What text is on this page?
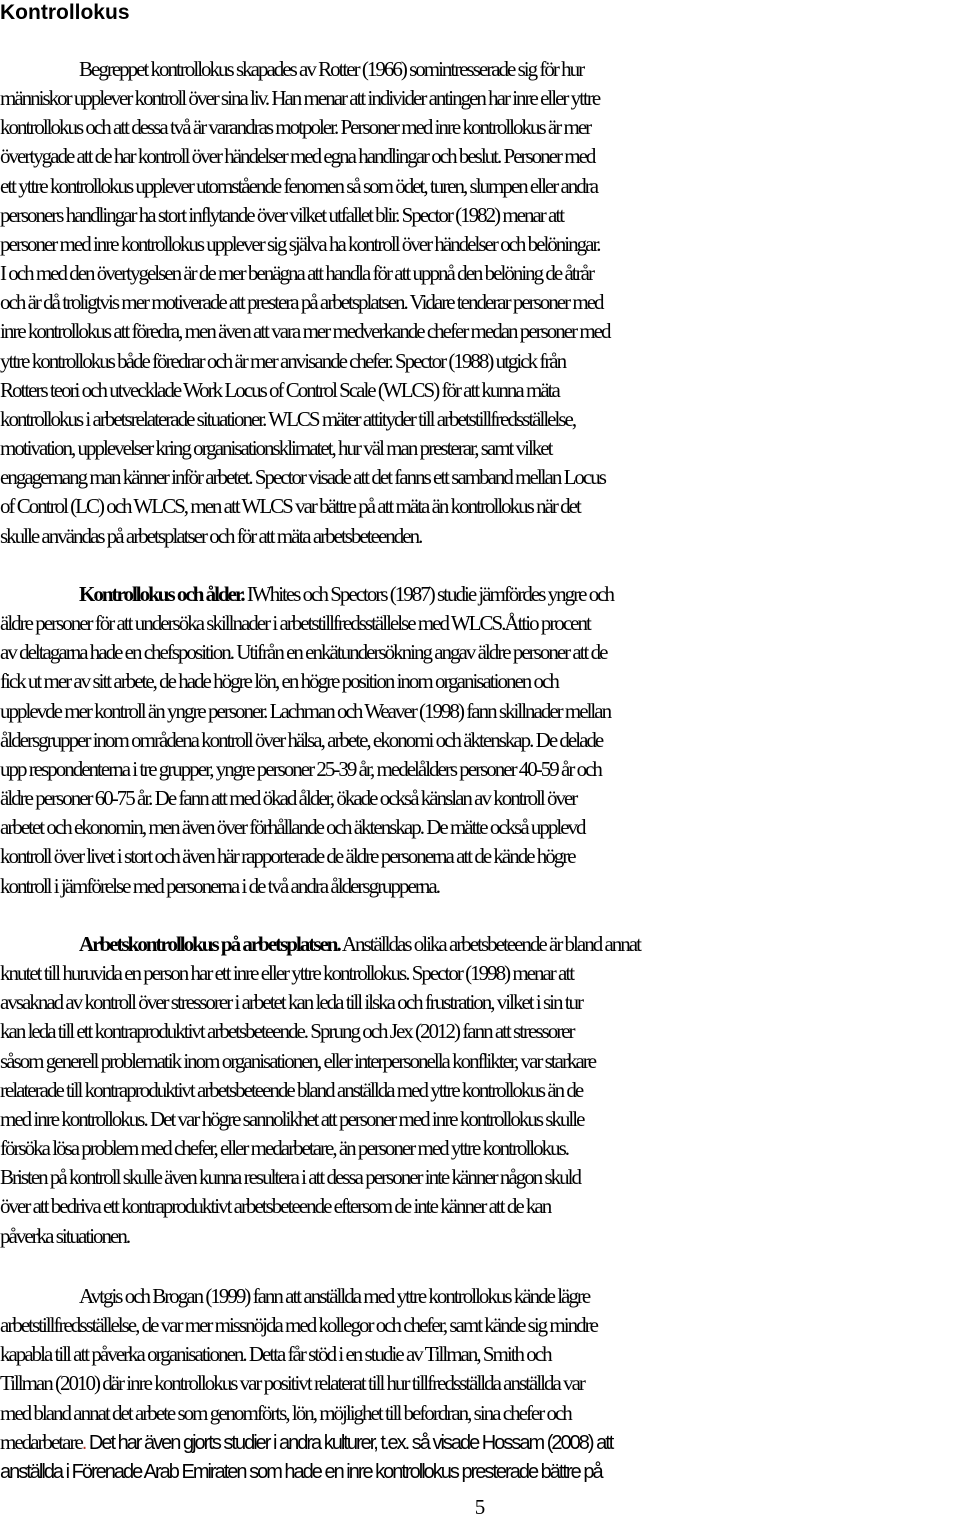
Kontrollokus
Begreppet kontrollokus skapades av Rotter (1966) somintresserade sig för hur
människor upplever kontroll över sina liv. Han menar att individer antingen har inre eller yttre
kontrollokus och att dessa två är varandras motpoler. Personer med inre kontrollokus är mer
övertygade att de har kontroll över händelser med egna handlingar och beslut. Personer med
ett yttre kontrollokus upplever utomstående fenomen så som ödet, turen, slumpen eller andra
personers handlingar ha stort inflytande över vilket utfallet blir. Spector (1982) menar att
personer med inre kontrollokus upplever sig själva ha kontroll över händelser och belöningar.
I och med den övertygelsen är de mer benägna att handla för att uppnå den belöning de åtrår
och är då troligtvis mer motiverade att prestera på arbetsplatsen. Vidare tenderar personer med
inre kontrollokus att föredra, men även att vara mer medverkande chefer medan personer med
yttre kontrollokus både föredrar och är mer anvisande chefer. Spector (1988) utgick från
Rotters teori och utvecklade Work Locus of Control Scale (WLCS) för att kunna mäta
kontrollokus i arbetsrelaterade situationer. WLCS mäter attityder till arbetstillfredsställelse,
motivation, upplevelser kring organisationsklimatet, hur väl man presterar, samt vilket
engagemang man känner inför arbetet. Spector visade att det fanns ett samband mellan Locus
of Control (LC) och WLCS, men att WLCS var bättre på att mäta än kontrollokus när det
skulle användas på arbetsplatser och för att mäta arbetsbeteenden.
Kontrollokus och ålder. IWhites och Spectors (1987) studie jämfördes yngre och
äldre personer för att undersöka skillnader i arbetstillfredsställelse med WLCS.Åttio procent
av deltagarna hade en chefsposition. Utifrån en enkätundersökning angav äldre personer att de
fick ut mer av sitt arbete, de hade högre lön, en högre position inom organisationen och
upplevde mer kontroll än yngre personer. Lachman och Weaver (1998) fann skillnader mellan
åldersgrupper inom områdena kontroll över hälsa, arbete, ekonomi och äktenskap. De delade
upp respondenterna i tre grupper, yngre personer 25-39 år, medelålders personer 40-59 år och
äldre personer 60-75 år. De fann att med ökad ålder, ökade också känslan av kontroll över
arbetet och ekonomin, men även över förhållande och äktenskap. De mätte också upplevd
kontroll över livet i stort och även här rapporterade de äldre personerna att de kände högre
kontroll i jämförelse med personerna i de två andra åldersgrupperna.
Arbetskontrollokus på arbetsplatsen. Anställdas olika arbetsbeteende är bland annat
knutet till huruvida en person har ett inre eller yttre kontrollokus. Spector (1998) menar att
avsaknad av kontroll över stressorer i arbetet kan leda till ilska och frustration, vilket i sin tur
kan leda till ett kontraproduktivt arbetsbeteende. Sprung och Jex (2012) fann att stressorer
såsom generell problematik inom organisationen, eller interpersonella konflikter, var starkare
relaterade till kontraproduktivt arbetsbeteende bland anställda med yttre kontrollokus än de
med inre kontrollokus. Det var högre sannolikhet att personer med inre kontrollokus skulle
försöka lösa problem med chefer, eller medarbetare, än personer med yttre kontrollokus.
Bristen på kontroll skulle även kunna resultera i att dessa personer inte känner någon skuld
över att bedriva ett kontraproduktivt arbetsbeteende eftersom de inte känner att de kan
påverka situationen.
Avtgis och Brogan (1999) fann att anställda med yttre kontrollokus kände lägre
arbetstillfredsställelse, de var mer missnöjda med kollegor och chefer, samt kände sig mindre
kapabla till att påverka organisationen. Detta får stöd i en studie av Tillman, Smith och
Tillman (2010) där inre kontrollokus var positivt relaterat till hur tillfredsställda anställda var
med bland annat det arbete som genomförts, lön, möjlighet till befordran, sina chefer och
medarbetare. Det har även gjorts studier i andra kulturer, t.ex. så visade Hossam (2008) att
anställda i Förenade Arab Emiraten som hade en inre kontrollokus presterade bättre på
5
